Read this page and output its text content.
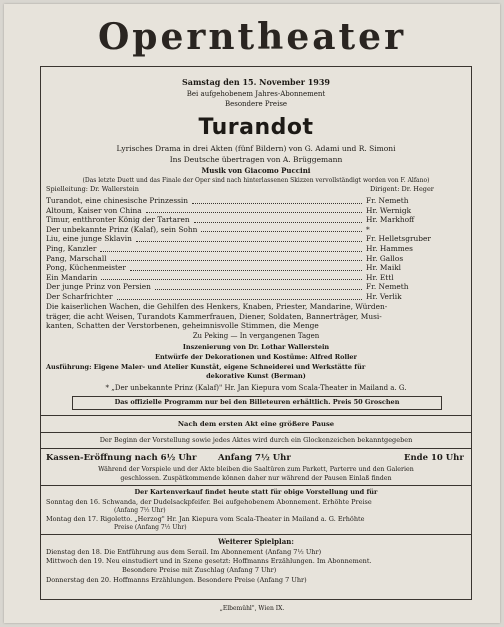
Operntheater
Samstag den 15. November 1939
Bei aufgehobenem Jahres-Abonnement
Besondere Preise
Turandot
Lyrisches Drama in drei Akten (fünf Bildern) von G. Adami und R. Simoni
Ins Deutsche übertragen von A. Brüggemann
Musik von Giacomo Puccini
(Das letzte Duett und das Finale der Oper sind nach hinterlassenen Skizzen vervollständigt worden von F. Alfano)
Spielleitung: Dr. Wallerstein	Dirigent: Dr. Heger
Turandot, eine chinesische Prinzessin	Fr. Nemeth
Altoum, Kaiser von China	Hr. Wernigk
Timur, entthronter König der Tartaren	Hr. Markhoff
Der unbekannte Prinz (Kalaf), sein Sohn	*
Liu, eine junge Sklavin	Fr. Helletsgruber
Ping, Kanzler	Hr. Hammes
Pang, Marschall	Hr. Gallos
Pong, Küchenmeister	Hr. Maikl
Ein Mandarin	Hr. Ettl
Der junge Prinz von Persien	Fr. Nemeth
Der Scharfrichter	Hr. Verlik
Die kaiserlichen Wachen, die Gehilfen des Henkers, Knaben, Priester, Mandarine, Würden-
träger, die acht Weisen, Turandots Kammerfrauen, Diener, Soldaten, Bannerträger, Musi-
kanten, Schatten der Verstorbenen, geheimnisvolle Stimmen, die Menge
Zu Peking — In vergangenen Tagen
Inszenierung von Dr. Lothar Wallerstein
Entwürfe der Dekorationen und Kostüme: Alfred Roller
Ausführung: Eigene Maler- und Atelier Kunstät, eigene Schneiderei und Werkstätte für
dekorative Kunst (Berman)
* „Der unbekannte Prinz (Kalaf)" Hr. Jan Kiepura vom Scala-Theater in Mailand a. G.
Das offizielle Programm nur bei den Billeteuren erhältlich. Preis 50 Groschen
Nach dem ersten Akt eine größere Pause
Der Beginn der Vorstellung sowie jedes Aktes wird durch ein Glockenzeichen bekanntgegeben
Kassen-Eröffnung nach 6½ Uhr	Anfang 7½ Uhr	Ende 10 Uhr
Während der Vorspiele und der Akte bleiben die Saaltüren zum Parkett, Parterre und den Galerien
geschlossen. Zuspätkommende können daher nur während der Pausen Einlaß finden
Der Kartenverkauf findet heute statt für obige Vorstellung und für
Sonntag den 16. Schwanda, der Dudelsackpfeifer. Bei aufgehobenem Abonnement. Erhöhte Preise
(Anfang 7½ Uhr)
Montag den 17. Rigoletto. „Herzog" Hr. Jan Kiepura vom Scala-Theater in Mailand a. G. Erhöhte
Preise (Anfang 7½ Uhr)
Weiterer Spielplan:
Dienstag den 18. Die Entführung aus dem Serail. Im Abonnement (Anfang 7½ Uhr)
Mittwoch den 19. Neu einstudiert und in Szene gesetzt: Hoffmanns Erzählungen. Im Abonnement.
Besondere Preise mit Zuschlag (Anfang 7 Uhr)
Donnerstag den 20. Hoffmanns Erzählungen. Besondere Preise (Anfang 7 Uhr)
„Elbemühl", Wien IX.
